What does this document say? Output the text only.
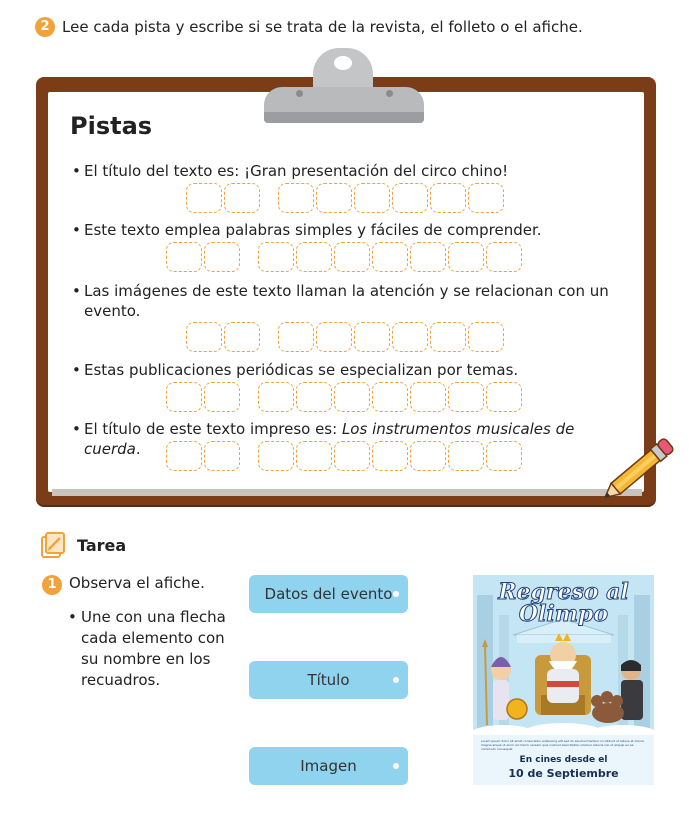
2 Lee cada pista y escribe si se trata de la revista, el folleto o el afiche.
Pistas
• El título del texto es: ¡Gran presentación del circo chino!
• Este texto emplea palabras simples y fáciles de comprender.
• Las imágenes de este texto llaman la atención y se relacionan con un evento.
• Estas publicaciones periódicas se especializan por temas.
• El título de este texto impreso es: Los instrumentos musicales de cuerda.
Tarea
1 Observa el afiche.
• Une con una flecha cada elemento con su nombre en los recuadros.
Datos del evento
Título
Imagen
Regreso al
Olimpo
Lorem ipsum dolor sit amet consectetur adipiscing elit sed do eiusmod tempor incididunt ut labore et dolore magna aliqua ut enim ad minim veniam quis nostrud exercitation ullamco laboris nisi ut aliquip ex ea commodo consequat
En cines desde el
10 de Septiembre
